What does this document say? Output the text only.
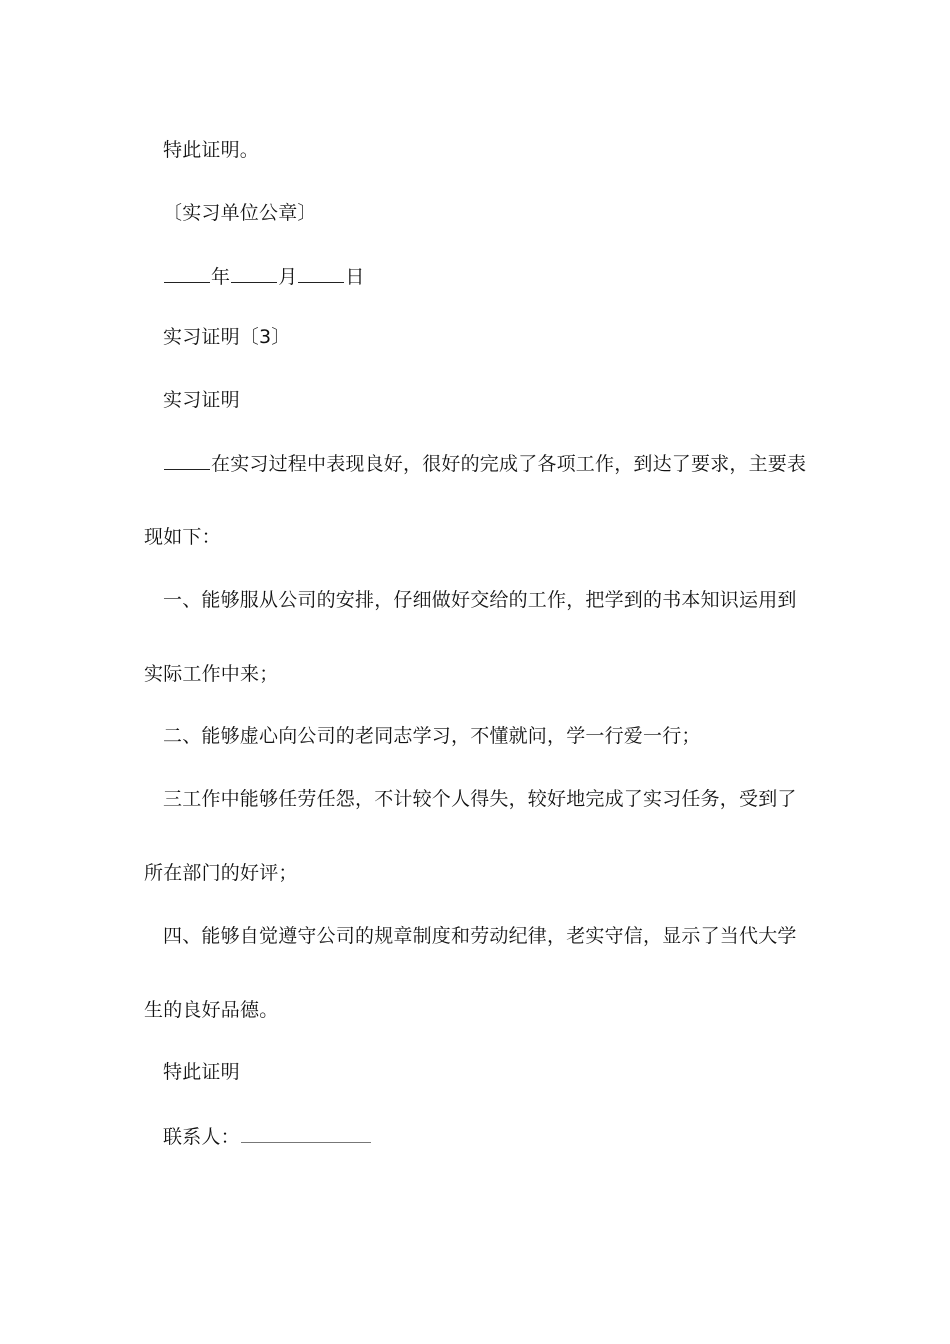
特此证明。
〔实习单位公章〕
年	月	日
实习证明〔3〕
实习证明
在实习过程中表现良好，很好的完成了各项工作，到达了要求，主要表
现如下：
一、能够服从公司的安排，仔细做好交给的工作，把学到的书本知识运用到
实际工作中来；
二、能够虚心向公司的老同志学习，不懂就问，学一行爱一行；
三工作中能够任劳任怨，不计较个人得失，较好地完成了实习任务，受到了
所在部门的好评；
四、能够自觉遵守公司的规章制度和劳动纪律，老实守信，显示了当代大学
生的良好品德。
特此证明
联系人：
